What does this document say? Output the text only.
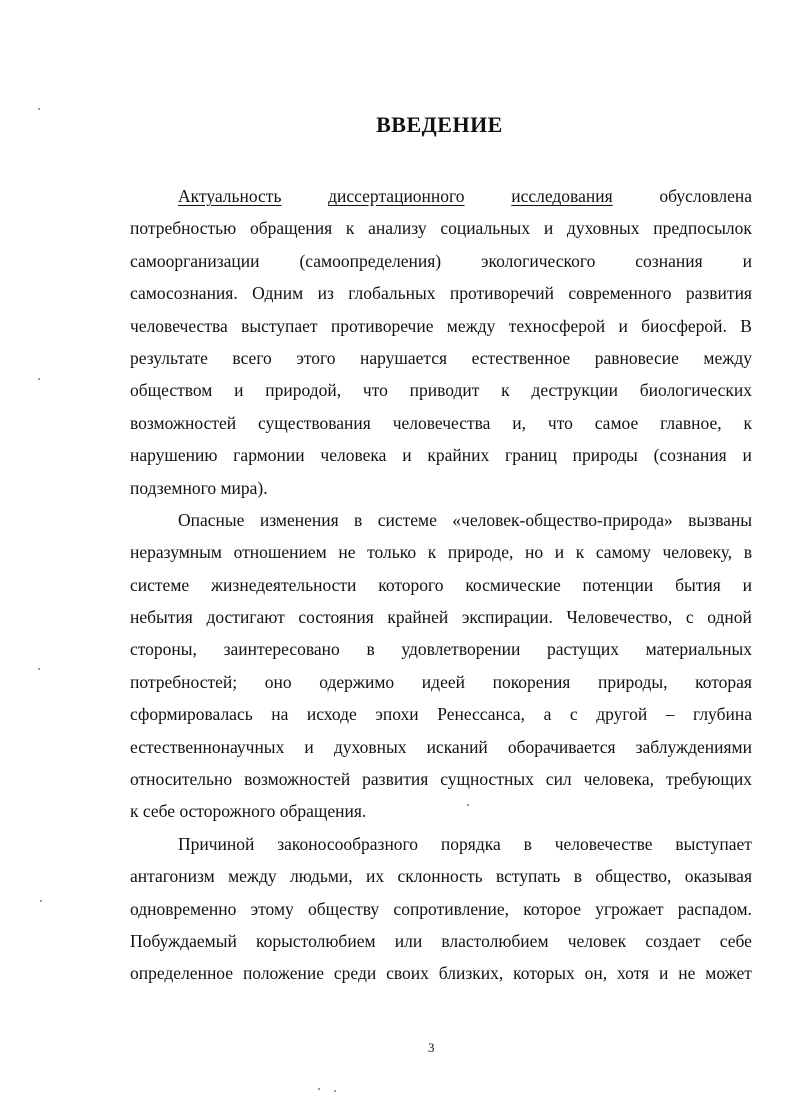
ВВЕДЕНИЕ
Актуальность	диссертационного	исследования	обусловлена
потребностью обращения к анализу социальных и духовных предпосылок
самоорганизации (самоопределения) экологического сознания и
самосознания. Одним из глобальных противоречий современного развития
человечества выступает противоречие между техносферой и биосферой. В
результате всего этого нарушается естественное равновесие между
обществом и природой, что приводит к деструкции биологических
возможностей существования человечества и, что самое главное, к
нарушению гармонии человека и крайних границ природы (сознания и
подземного мира).
Опасные изменения в системе «человек-общество-природа» вызваны
неразумным отношением не только к природе, но и к самому человеку, в
системе жизнедеятельности которого космические потенции бытия и
небытия достигают состояния крайней экспирации. Человечество, с одной
стороны, заинтересовано в удовлетворении растущих материальных
потребностей; оно одержимо идеей покорения природы, которая
сформировалась на исходе эпохи Ренессанса, а с другой – глубина
естественнонаучных и духовных исканий оборачивается заблуждениями
относительно возможностей развития сущностных сил человека, требующих
к себе осторожного обращения.
Причиной законосообразного порядка в человечестве выступает
антагонизм между людьми, их склонность вступать в общество, оказывая
одновременно этому обществу сопротивление, которое угрожает распадом.
Побуждаемый корыстолюбием или властолюбием человек создает себе
определенное положение среди своих близких, которых он, хотя и не может
3
